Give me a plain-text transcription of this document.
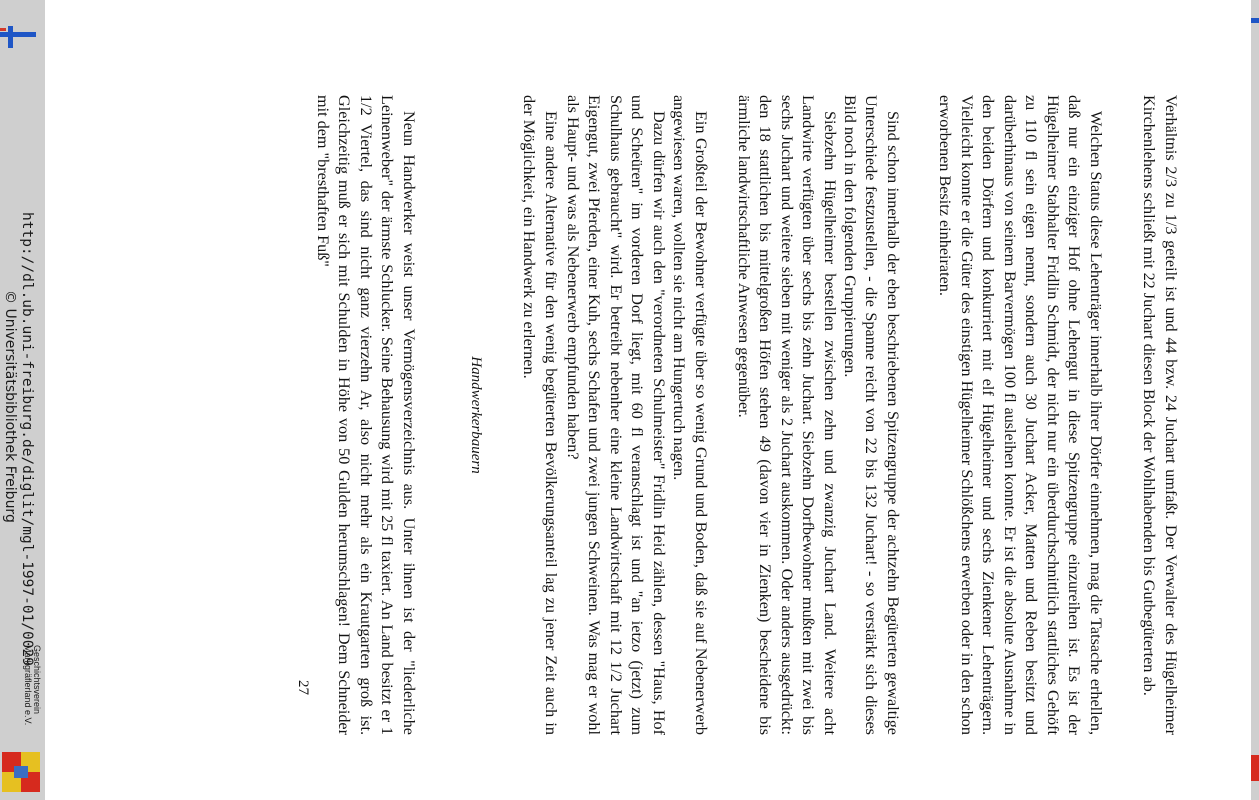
http://dl.ub.uni-freiburg.de/diglit/mgl-1997-01/0029
© Universitätsbibliothek Freiburg
Geschichtsverein
Markgräflerland e.V.	Verhältnis 2/3 zu 1/3 geteilt ist und 44 bzw. 24 Juchart umfaßt. Der Verwalter des Hügelheimer Kirchenlehens schließt mit 22 Juchart diesen Block der Wohlhabenden bis Gutbegüterten ab.

Welchen Status diese Lehenträger innerhalb ihrer Dörfer einnehmen, mag die Tatsache erhellen, daß nur ein einziger Hof ohne Lehengut in diese Spitzengruppe einzureihen ist. Es ist der Hügelheimer Stabhalter Fridlin Schmidt, der nicht nur ein überdurchschnittlich stattliches Gehöft zu 110 fl sein eigen nennt, sondern auch 30 Juchart Acker, Matten und Reben besitzt und darüberhinaus von seinem Barvermögen 100 fl ausleihen konnte. Er ist die absolute Ausnahme in den beiden Dörfern und konkurriert mit elf Hügelheimer und sechs Zienkener Lehenträgern. Vielleicht konnte er die Güter des einstigen Hügelheimer Schlößchens erwerben oder in den schon erworbenen Besitz einheiraten.

Sind schon innerhalb der eben beschriebenen Spitzengruppe der achtzehn Begüterten gewaltige Unterschiede festzustellen, - die Spanne reicht von 22 bis 132 Juchart! - so verstärkt sich dieses Bild noch in den folgenden Gruppierungen.

Siebzehn Hügelheimer bestellen zwischen zehn und zwanzig Juchart Land. Weitere acht Landwirte verfügten über sechs bis zehn Juchart. Siebzehn Dorfbewohner mußten mit zwei bis sechs Juchart und weitere sieben mit weniger als 2 Juchart auskommen. Oder anders ausgedrückt: den 18 stattlichen bis mittelgroßen Höfen stehen 49 (davon vier in Zienken) bescheidene bis ärmliche landwirtschaftliche Anwesen gegenüber.

Ein Großteil der Bewohner verfügte über so wenig Grund und Boden, daß sie auf Nebenerwerb angewiesen waren, wollten sie nicht am Hungertuch nagen.

Dazu dürfen wir auch den "verordneten Schulmeister" Fridlin Heid zählen, dessen "Haus, Hof und Scheüren" im vorderen Dorf liegt, mit 60 fl veranschlagt ist und "an ietzo (jetzt) zum Schulhaus gebraucht" wird. Er betreibt nebenher eine kleine Landwirtschaft mit 12 1/2 Juchart Eigengut, zwei Pferden, einer Kuh, sechs Schafen und zwei jungen Schweinen. Was mag er wohl als Haupt- und was als Nebenerwerb empfunden haben?

Eine andere Alternative für den wenig begüterten Bevölkerungsanteil lag zu jener Zeit auch in der Möglichkeit, ein Handwerk zu erlernen.

Handwerkerbauern

Neun Handwerker weist unser Vermögensverzeichnis aus. Unter ihnen ist der "liederliche Leinenweber" der ärmste Schlucker. Seine Behausung wird mit 25 fl taxiert. An Land besitzt er 1 1/2 Viertel, das sind nicht ganz vierzehn Ar, also nicht mehr als ein Krautgarten groß ist. Gleichzeitig muß er sich mit Schulden in Höhe von 50 Gulden herumschlagen! Dem Schneider mit dem "bresthaften Fuß"

27
